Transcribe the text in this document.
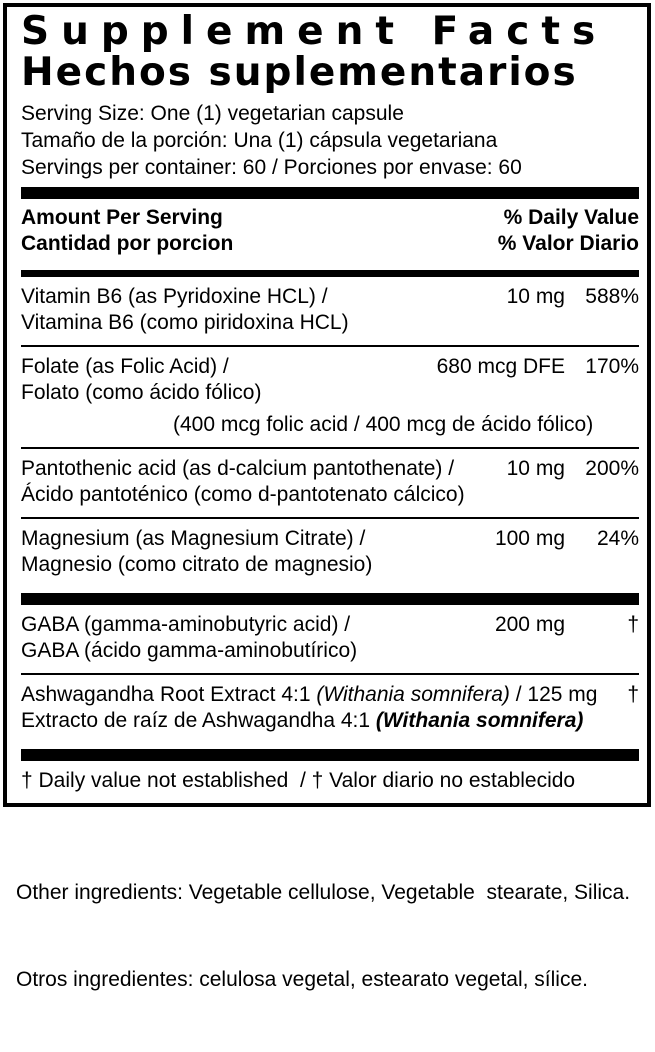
Supplement Facts
Hechos suplementarios
Serving Size: One (1) vegetarian capsule
Tamaño de la porción: Una (1) cápsula vegetariana
Servings per container: 60 / Porciones por envase: 60
Amount Per Serving
Cantidad por porcion
% Daily Value
% Valor Diario
Vitamin B6 (as Pyridoxine HCL) /
Vitamina B6 (como piridoxina HCL)
10 mg 588%
Folate (as Folic Acid) /
Folato (como ácido fólico)
680 mcg DFE 170%
(400 mcg folic acid / 400 mcg de ácido fólico)
Pantothenic acid (as d-calcium pantothenate) /
Ácido pantoténico (como d-pantotenato cálcico)
10 mg 200%
Magnesium (as Magnesium Citrate) /
Magnesio (como citrato de magnesio)
100 mg	24%
GABA (gamma-aminobutyric acid) /
GABA (ácido gamma-aminobutírico)
200 mg	†
Ashwagandha Root Extract 4:1 (Withania somnifera) / 125 mg
Extracto de raíz de Ashwagandha 4:1 (Withania somnifera)
†
† Daily value not established  / † Valor diario no establecido

Other ingredients: Vegetable cellulose, Vegetable  stearate, Silica.

Otros ingredientes: celulosa vegetal, estearato vegetal, sílice.
